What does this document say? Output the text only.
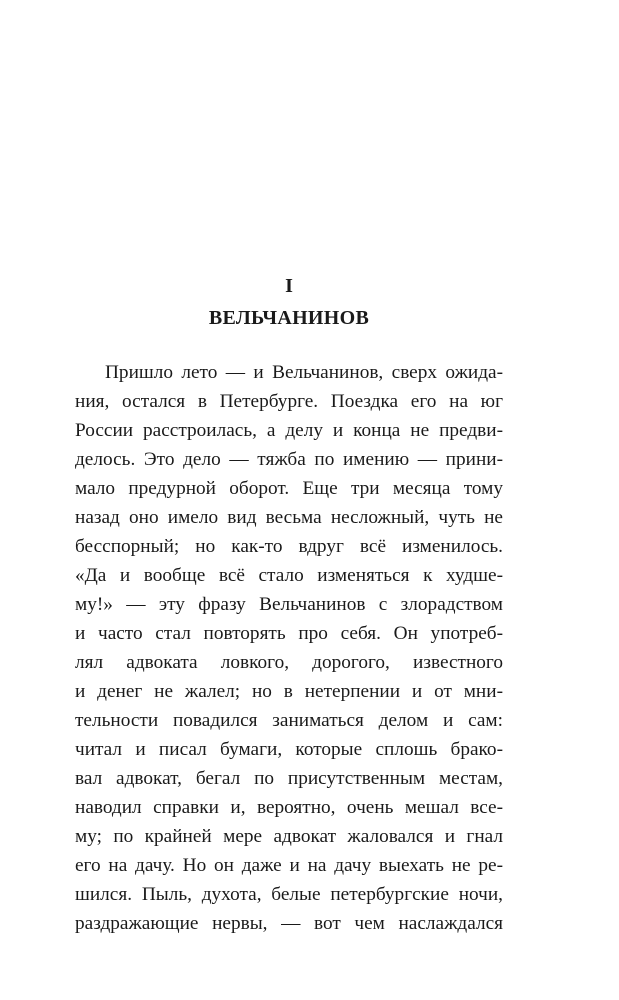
I
ВЕЛЬЧАНИНОВ
Пришло лето — и Вельчанинов, сверх ожида-
ния, остался в Петербурге. Поездка его на юг
России расстроилась, а делу и конца не предви-
делось. Это дело — тяжба по имению — прини-
мало предурной оборот. Еще три месяца тому
назад оно имело вид весьма несложный, чуть не
бесспорный; но как-то вдруг всё изменилось.
«Да и вообще всё стало изменяться к худше-
му!» — эту фразу Вельчанинов с злорадством
и часто стал повторять про себя. Он употреб-
лял адвоката ловкого, дорогого, известного
и денег не жалел; но в нетерпении и от мни-
тельности повадился заниматься делом и сам:
читал и писал бумаги, которые сплошь брако-
вал адвокат, бегал по присутственным местам,
наводил справки и, вероятно, очень мешал все-
му; по крайней мере адвокат жаловался и гнал
его на дачу. Но он даже и на дачу выехать не ре-
шился. Пыль, духота, белые петербургские ночи,
раздражающие нервы, — вот чем наслаждался
